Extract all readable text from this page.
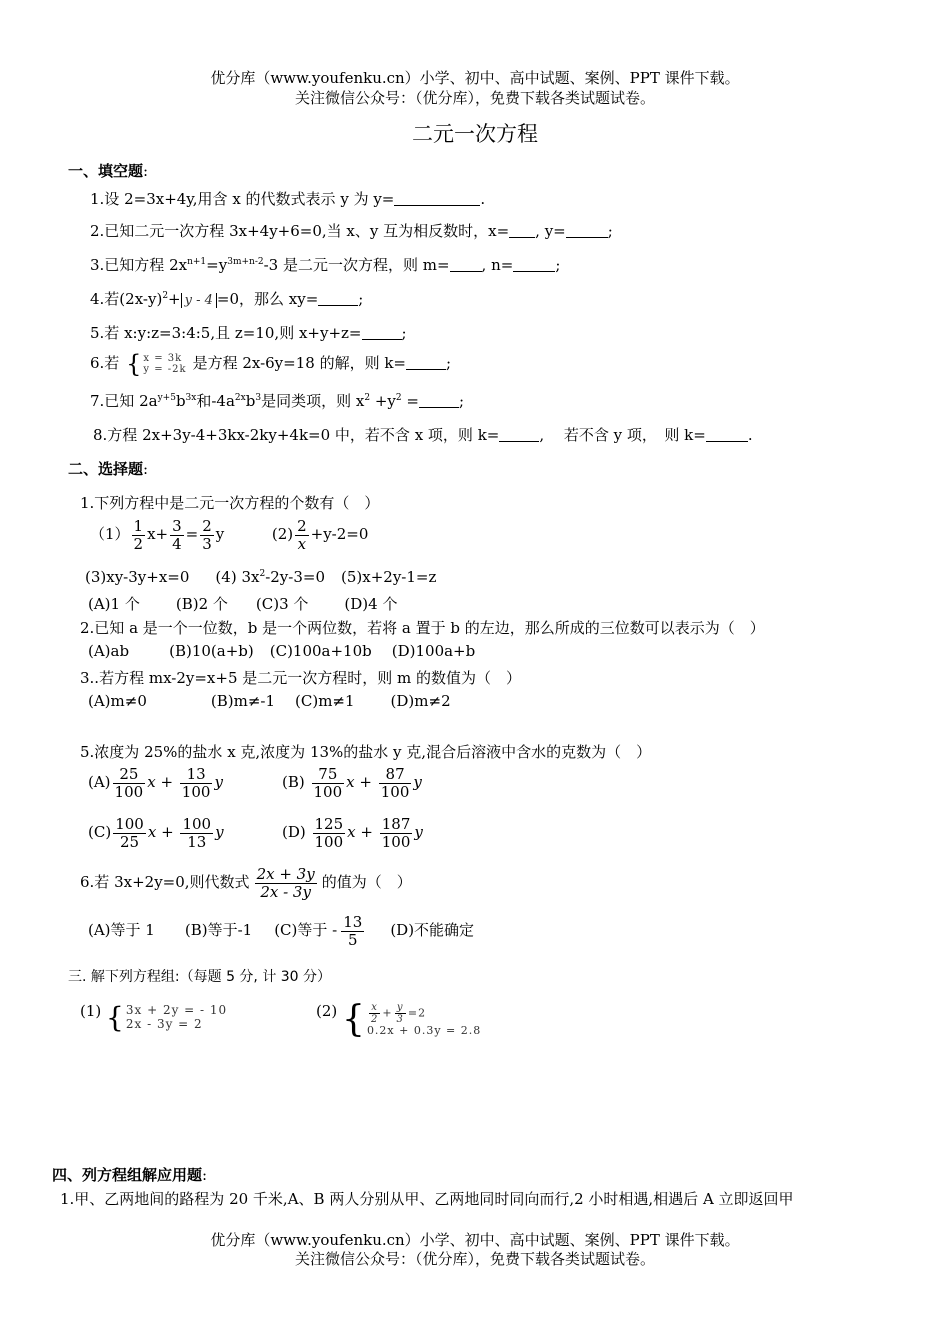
优分库（www.youfenku.cn）小学、初中、高中试题、案例、PPT 课件下载。
关注微信公众号：（优分库），免费下载各类试题试卷。
二元一次方程
一、填空题:
1.设 2=3x+4y,用含 x 的代数式表示 y 为 y=	.
2.已知二元一次方程 3x+4y+6=0,当 x、y 互为相反数时，x= , y=	;
3.已知方程 $2x^{n+1}=y^{3m+n-2}-3$ 是二元一次方程，则 m= , n=	;
4.若$(2x-y)^2+ y - 4 =0$，那么 xy=	;
5.若 x:y:z=3:4:5,且 z=10,则 x+y+z=	;
6.若 { x = 3k
y = -2k 是方程 2x-6y=18 的解，则 k=	;
7.已知 $2a^{y+5}b^{3x}$和$-4a^{2x}b^3$是同类项，则 $x^2 +y^2$ =	;
8.方程 2x+3y-4+3kx-2ky+4k=0 中，若不含 x 项，则 k=	,　 若不含 y 项，　则 k=	.
二、选择题:
1.下列方程中是二元一次方程的个数有（　）
$(1) \frac{1}{2} x+ \frac{3}{4} = \frac{2}{3}$ y	$(2) \frac{2}{x} +y-2=0$
(3)xy-3y+x=0 (4) $3x^2-2y-3=0$ (5)x+2y-1=z
(A)1 个 (B)2 个 (C)3 个 (D)4 个
2.已知 a 是一个一位数，b 是一个两位数，若将 a 置于 b 的左边，那么所成的三位数可以表示为（　）
(A)ab	(B)10(a+b) (C)100a+10b (D)100a+b
3..若方程 mx-2y=x+5 是二元一次方程时，则 m 的数值为（　）
(A)m≠0	(B)m≠-1 (C)m≠1 (D)m≠2
5.浓度为 25%的盐水 x 克,浓度为 13%的盐水 y 克,混合后溶液中含水的克数为（　）
$(A) \frac{25}{100}$ $x + \frac{13}{100}$ y	$(B) \frac{75}{100}$ $x + \frac{87}{100}$ y
$(C) \frac{100}{25}$ $x + \frac{100}{13}$ y	$(D) \frac{125}{100}$ $x + \frac{187}{100}$ y
6.若 3x+2y=0,则代数式 $\frac{2x + 3y}{2x - 3y}$ 的值为（　）
(A)等于 1 (B)等于-1 (C)等于 - $\frac{13}{5} (D)$不能确定
三. 解下列方程组:（每题 5 分, 计 30 分）
(1) { 3x + 2y = - 10
2x - 3y = 2
(2) { $\frac{x}{2} + \frac{y}{3} =2$
0.2x + 0.3y = 2.8
四、列方程组解应用题:
1.甲、乙两地间的路程为 20 千米,A、B 两人分别从甲、乙两地同时同向而行,2 小时相遇,相遇后 A 立即返回甲
优分库（www.youfenku.cn）小学、初中、高中试题、案例、PPT 课件下载。
关注微信公众号：（优分库），免费下载各类试题试卷。
